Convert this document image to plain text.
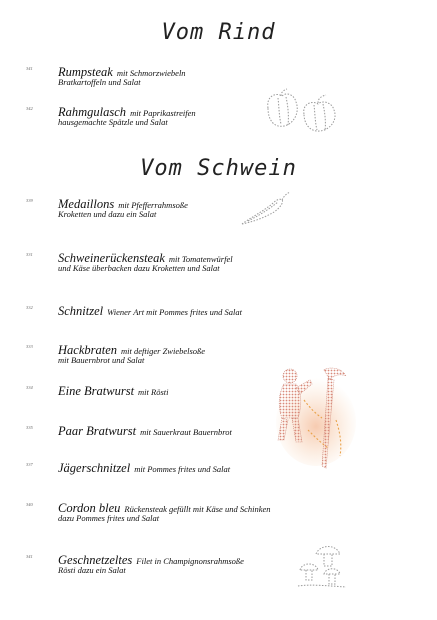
Vom Rind
341 Rumpsteak mit Schmorzwiebeln
Bratkartoffeln und Salat
342 Rahmgulasch mit Paprikastreifen
hausgemachte Spätzle und Salat
Vom Schwein
339 Medaillons mit Pfefferrahmsoße
Kroketten und dazu ein Salat
331 Schweinerückensteak mit Tomatenwürfel
und Käse überbacken dazu Kroketten und Salat
332 Schnitzel Wiener Art mit Pommes frites und Salat
333 Hackbraten mit deftiger Zwiebelsoße
mit Bauernbrot und Salat
334 Eine Bratwurst mit Rösti
335 Paar Bratwurst mit Sauerkraut Bauernbrot
337 Jägerschnitzel mit Pommes frites und Salat
340 Cordon bleu Rückensteak gefüllt mit Käse und Schinken
dazu Pommes frites und Salat
341 Geschnetzeltes Filet in Champignonsrahmsoße
Rösti dazu ein Salat
